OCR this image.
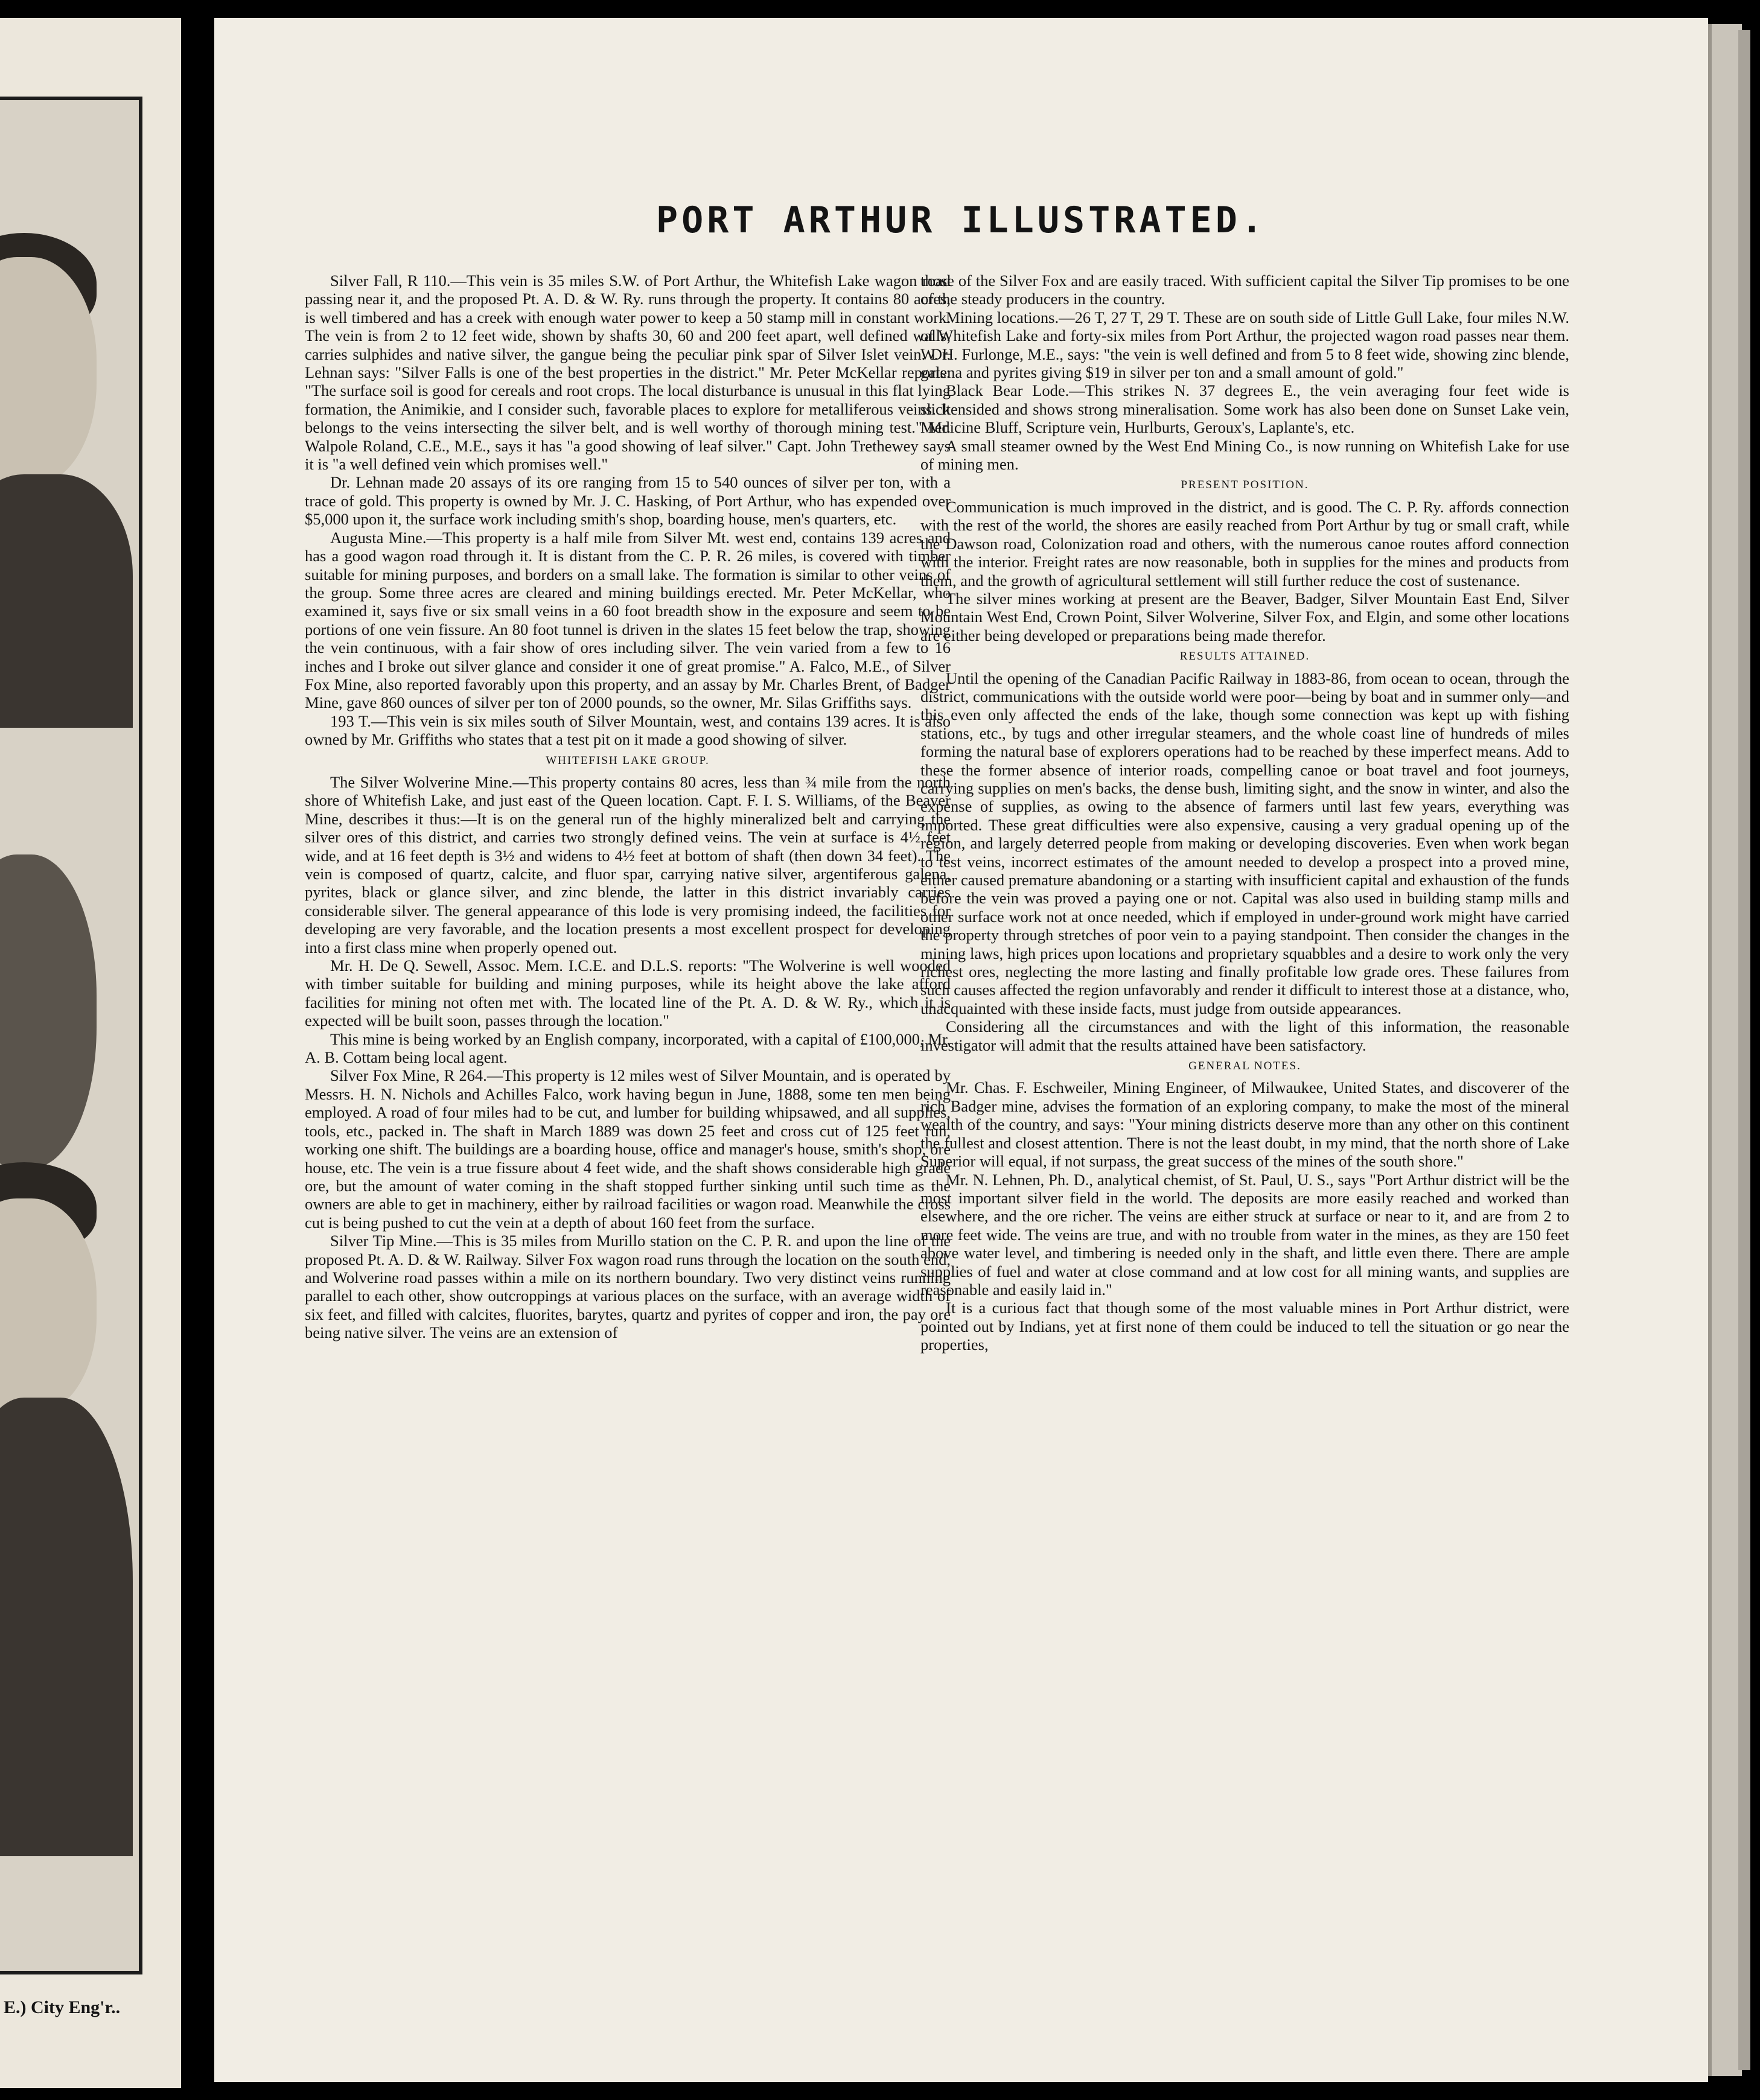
E.) City Eng'r..
PORT ARTHUR ILLUSTRATED.

Silver Fall, R 110.—This vein is 35 miles S.W. of Port Arthur, the Whitefish Lake wagon road passing near it, and the proposed Pt. A. D. & W. Ry. runs through the property. It contains 80 acres, is well timbered and has a creek with enough water power to keep a 50 stamp mill in constant work. The vein is from 2 to 12 feet wide, shown by shafts 30, 60 and 200 feet apart, well defined walls, carries sulphides and native silver, the gangue being the peculiar pink spar of Silver Islet vein. Dr. Lehnan says: "Silver Falls is one of the best properties in the district." Mr. Peter McKellar reports: "The surface soil is good for cereals and root crops. The local disturbance is unusual in this flat lying formation, the Animikie, and I consider such, favorable places to explore for metalliferous veins. It belongs to the veins intersecting the silver belt, and is well worthy of thorough mining test." Mr. Walpole Roland, C.E., M.E., says it has "a good showing of leaf silver." Capt. John Trethewey says it is "a well defined vein which promises well."

Dr. Lehnan made 20 assays of its ore ranging from 15 to 540 ounces of silver per ton, with a trace of gold. This property is owned by Mr. J. C. Hasking, of Port Arthur, who has expended over $5,000 upon it, the surface work including smith's shop, boarding house, men's quarters, etc.

Augusta Mine.—This property is a half mile from Silver Mt. west end, contains 139 acres and has a good wagon road through it. It is distant from the C. P. R. 26 miles, is covered with timber suitable for mining purposes, and borders on a small lake. The formation is similar to other veins of the group. Some three acres are cleared and mining buildings erected. Mr. Peter McKellar, who examined it, says five or six small veins in a 60 foot breadth show in the exposure and seem to be portions of one vein fissure. An 80 foot tunnel is driven in the slates 15 feet below the trap, showing the vein continuous, with a fair show of ores including silver. The vein varied from a few to 16 inches and I broke out silver glance and consider it one of great promise." A. Falco, M.E., of Silver Fox Mine, also reported favorably upon this property, and an assay by Mr. Charles Brent, of Badger Mine, gave 860 ounces of silver per ton of 2000 pounds, so the owner, Mr. Silas Griffiths says.

193 T.—This vein is six miles south of Silver Mountain, west, and contains 139 acres. It is also owned by Mr. Griffiths who states that a test pit on it made a good showing of silver.

WHITEFISH LAKE GROUP.

The Silver Wolverine Mine.—This property contains 80 acres, less than ¾ mile from the north shore of Whitefish Lake, and just east of the Queen location. Capt. F. I. S. Williams, of the Beaver Mine, describes it thus:—It is on the general run of the highly mineralized belt and carrying the silver ores of this district, and carries two strongly defined veins. The vein at surface is 4½ feet wide, and at 16 feet depth is 3½ and widens to 4½ feet at bottom of shaft (then down 34 feet). The vein is composed of quartz, calcite, and fluor spar, carrying native silver, argentiferous galena, pyrites, black or glance silver, and zinc blende, the latter in this district invariably carries considerable silver. The general appearance of this lode is very promising indeed, the facilities for developing are very favorable, and the location presents a most excellent prospect for developing into a first class mine when properly opened out.

Mr. H. De Q. Sewell, Assoc. Mem. I.C.E. and D.L.S. reports: "The Wolverine is well wooded with timber suitable for building and mining purposes, while its height above the lake afford facilities for mining not often met with. The located line of the Pt. A. D. & W. Ry., which it is expected will be built soon, passes through the location."

This mine is being worked by an English company, incorporated, with a capital of £100,000, Mr. A. B. Cottam being local agent.

Silver Fox Mine, R 264.—This property is 12 miles west of Silver Mountain, and is operated by Messrs. H. N. Nichols and Achilles Falco, work having begun in June, 1888, some ten men being employed. A road of four miles had to be cut, and lumber for building whipsawed, and all supplies, tools, etc., packed in. The shaft in March 1889 was down 25 feet and cross cut of 125 feet run, working one shift. The buildings are a boarding house, office and manager's house, smith's shop, ore house, etc. The vein is a true fissure about 4 feet wide, and the shaft shows considerable high grade ore, but the amount of water coming in the shaft stopped further sinking until such time as the owners are able to get in machinery, either by railroad facilities or wagon road. Meanwhile the cross cut is being pushed to cut the vein at a depth of about 160 feet from the surface.

Silver Tip Mine.—This is 35 miles from Murillo station on the C. P. R. and upon the line of the proposed Pt. A. D. & W. Railway. Silver Fox wagon road runs through the location on the south end, and Wolverine road passes within a mile on its northern boundary. Two very distinct veins running parallel to each other, show outcroppings at various places on the surface, with an average width of six feet, and filled with calcites, fluorites, barytes, quartz and pyrites of copper and iron, the pay ore being native silver. The veins are an extension of

those of the Silver Fox and are easily traced. With sufficient capital the Silver Tip promises to be one of the steady producers in the country.

Mining locations.—26 T, 27 T, 29 T. These are on south side of Little Gull Lake, four miles N.W. of Whitefish Lake and forty-six miles from Port Arthur, the projected wagon road passes near them. W. H. Furlonge, M.E., says: "the vein is well defined and from 5 to 8 feet wide, showing zinc blende, galena and pyrites giving $19 in silver per ton and a small amount of gold."

Black Bear Lode.—This strikes N. 37 degrees E., the vein averaging four feet wide is slickensided and shows strong mineralisation. Some work has also been done on Sunset Lake vein, Medicine Bluff, Scripture vein, Hurlburts, Geroux's, Laplante's, etc.

A small steamer owned by the West End Mining Co., is now running on Whitefish Lake for use of mining men.

PRESENT POSITION.

Communication is much improved in the district, and is good. The C. P. Ry. affords connection with the rest of the world, the shores are easily reached from Port Arthur by tug or small craft, while the Dawson road, Colonization road and others, with the numerous canoe routes afford connection with the interior. Freight rates are now reasonable, both in supplies for the mines and products from them, and the growth of agricultural settlement will still further reduce the cost of sustenance.

The silver mines working at present are the Beaver, Badger, Silver Mountain East End, Silver Mountain West End, Crown Point, Silver Wolverine, Silver Fox, and Elgin, and some other locations are either being developed or preparations being made therefor.

RESULTS ATTAINED.

Until the opening of the Canadian Pacific Railway in 1883-86, from ocean to ocean, through the district, communications with the outside world were poor—being by boat and in summer only—and this even only affected the ends of the lake, though some connection was kept up with fishing stations, etc., by tugs and other irregular steamers, and the whole coast line of hundreds of miles forming the natural base of explorers operations had to be reached by these imperfect means. Add to these the former absence of interior roads, compelling canoe or boat travel and foot journeys, carrying supplies on men's backs, the dense bush, limiting sight, and the snow in winter, and also the expense of supplies, as owing to the absence of farmers until last few years, everything was imported. These great difficulties were also expensive, causing a very gradual opening up of the region, and largely deterred people from making or developing discoveries. Even when work began to test veins, incorrect estimates of the amount needed to develop a prospect into a proved mine, either caused premature abandoning or a starting with insufficient capital and exhaustion of the funds before the vein was proved a paying one or not. Capital was also used in building stamp mills and other surface work not at once needed, which if employed in under-ground work might have carried the property through stretches of poor vein to a paying standpoint. Then consider the changes in the mining laws, high prices upon locations and proprietary squabbles and a desire to work only the very richest ores, neglecting the more lasting and finally profitable low grade ores. These failures from such causes affected the region unfavorably and render it difficult to interest those at a distance, who, unacquainted with these inside facts, must judge from outside appearances.

Considering all the circumstances and with the light of this information, the reasonable investigator will admit that the results attained have been satisfactory.

GENERAL NOTES.

Mr. Chas. F. Eschweiler, Mining Engineer, of Milwaukee, United States, and discoverer of the rich Badger mine, advises the formation of an exploring company, to make the most of the mineral wealth of the country, and says: "Your mining districts deserve more than any other on this continent the fullest and closest attention. There is not the least doubt, in my mind, that the north shore of Lake Superior will equal, if not surpass, the great success of the mines of the south shore."

Mr. N. Lehnen, Ph. D., analytical chemist, of St. Paul, U. S., says "Port Arthur district will be the most important silver field in the world. The deposits are more easily reached and worked than elsewhere, and the ore richer. The veins are either struck at surface or near to it, and are from 2 to more feet wide. The veins are true, and with no trouble from water in the mines, as they are 150 feet above water level, and timbering is needed only in the shaft, and little even there. There are ample supplies of fuel and water at close command and at low cost for all mining wants, and supplies are reasonable and easily laid in."

It is a curious fact that though some of the most valuable mines in Port Arthur district, were pointed out by Indians, yet at first none of them could be induced to tell the situation or go near the properties,
